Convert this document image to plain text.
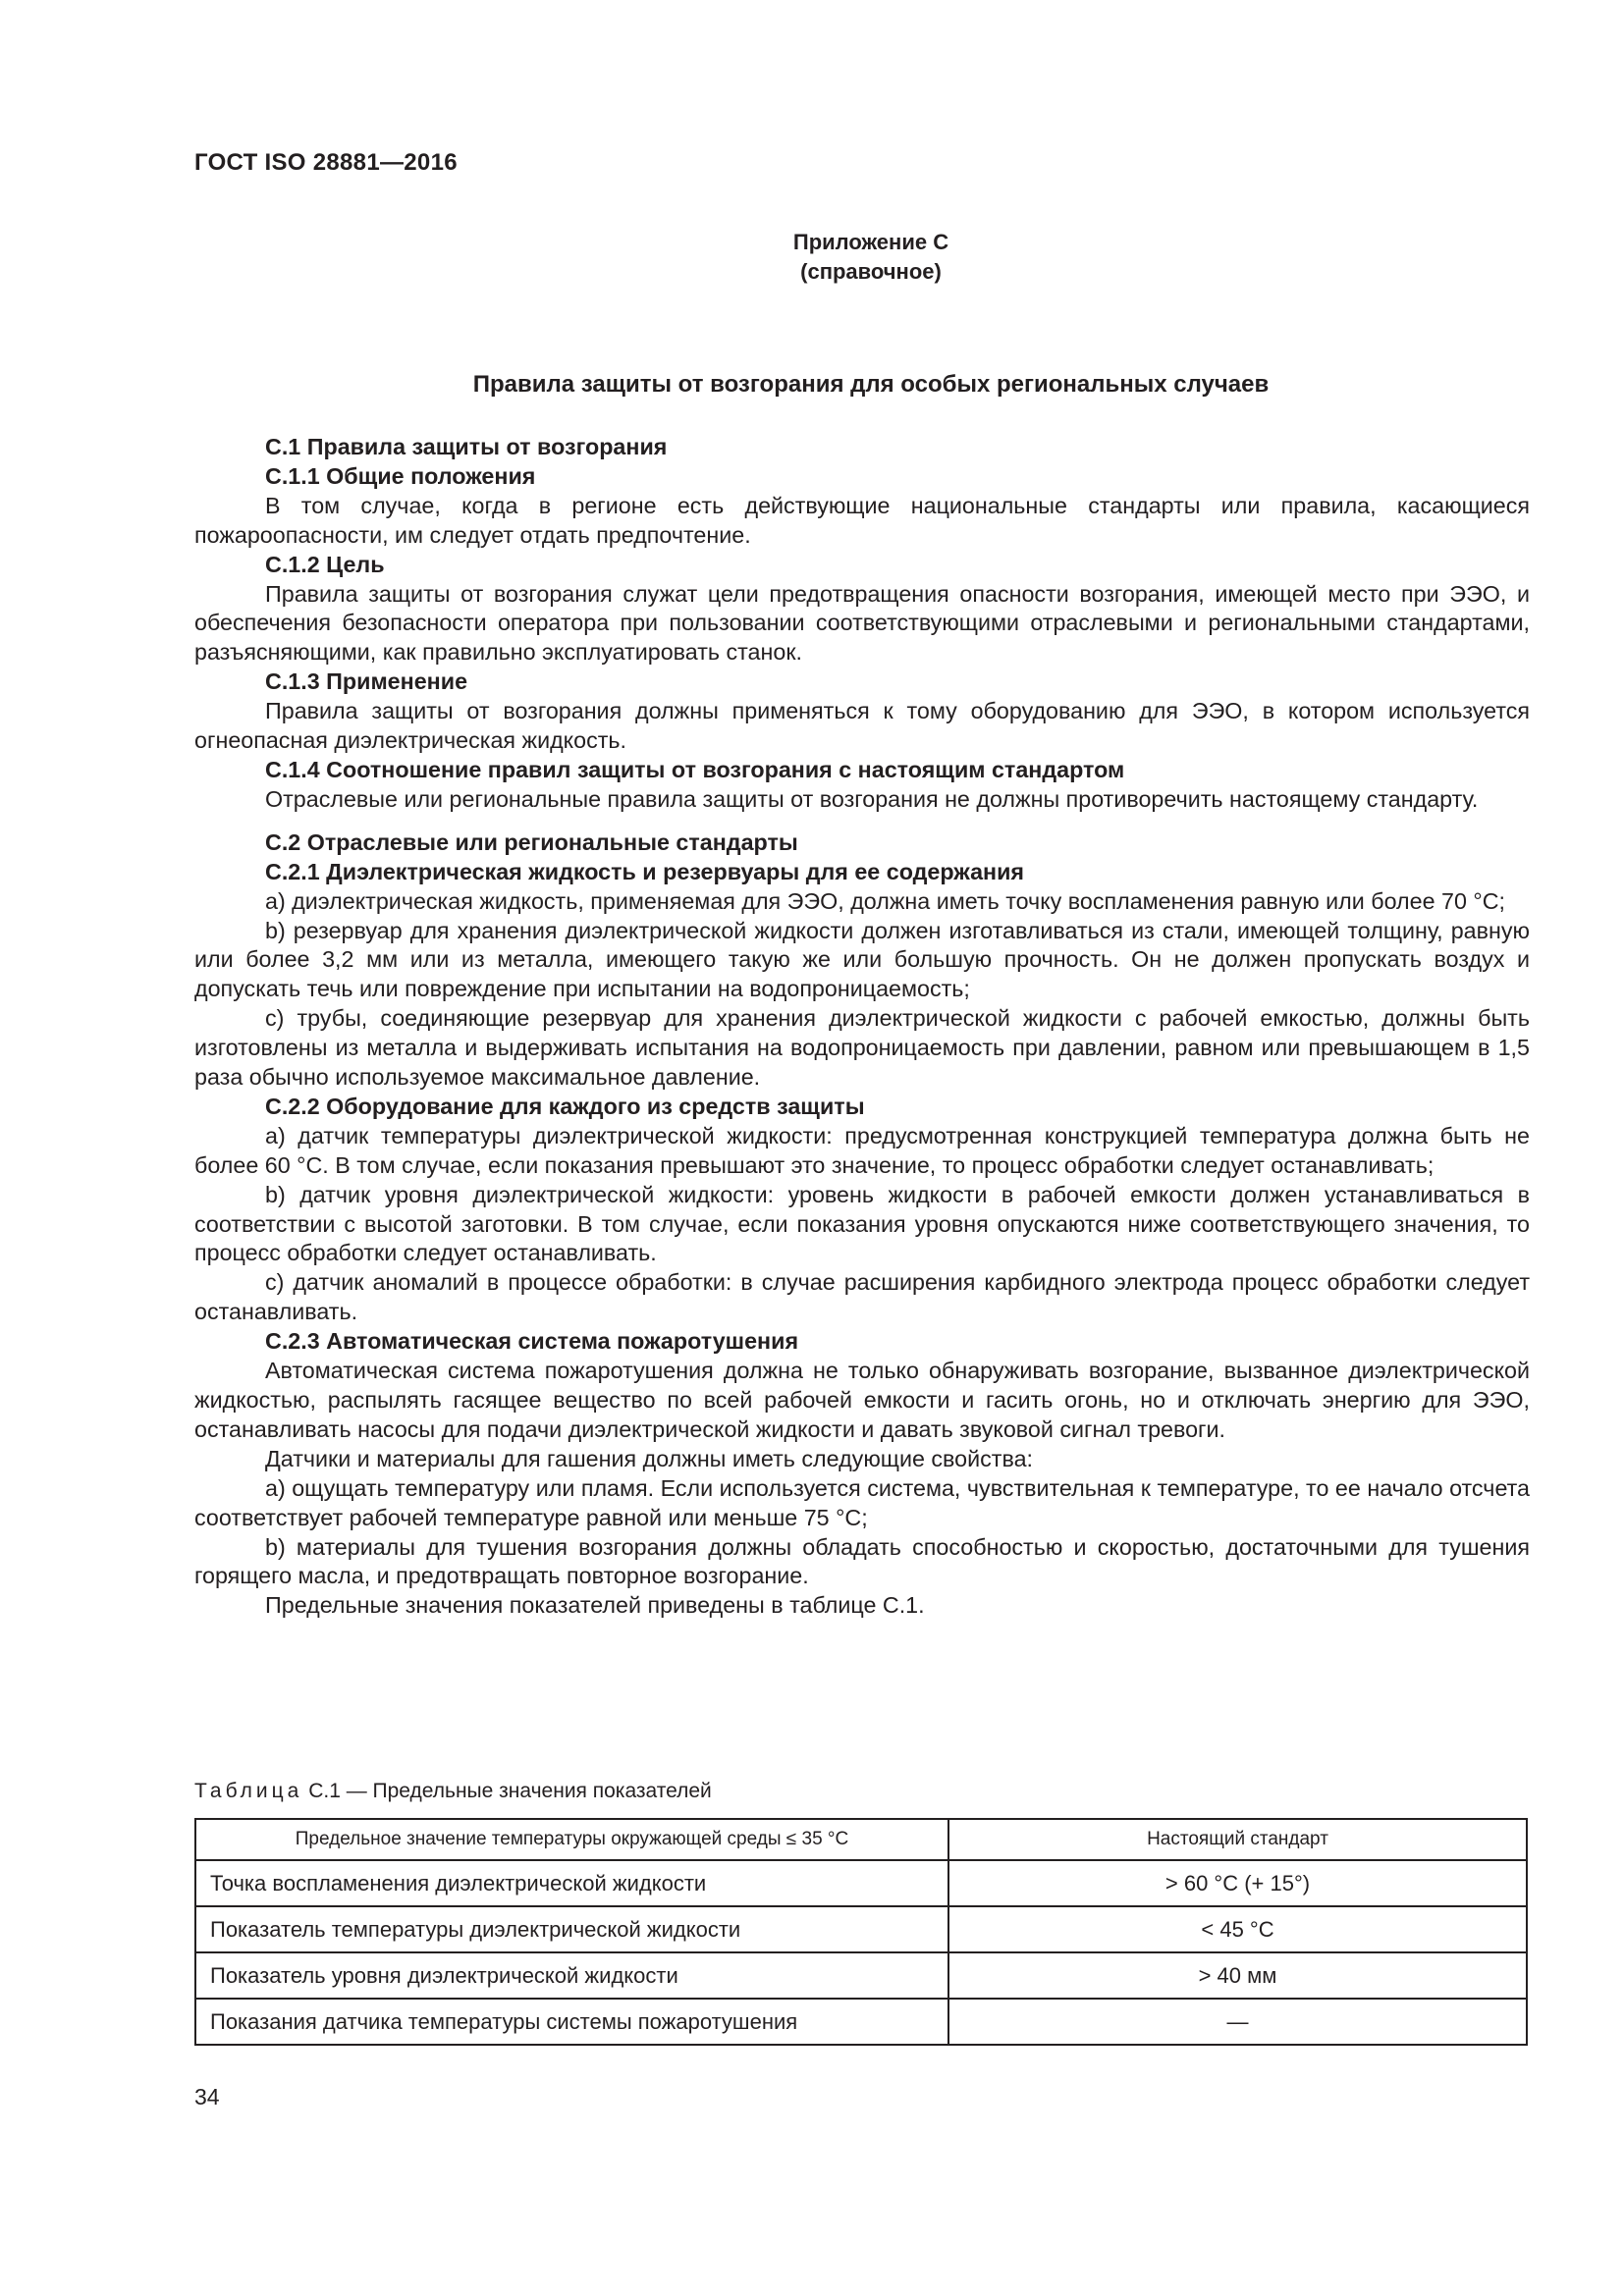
ГОСТ ISO 28881—2016
Приложение С
(справочное)
Правила защиты от возгорания для особых региональных случаев

С.1 Правила защиты от возгорания

С.1.1 Общие положения

В том случае, когда в регионе есть действующие национальные стандарты или правила, касающиеся пожароопасности, им следует отдать предпочтение.

С.1.2 Цель

Правила защиты от возгорания служат цели предотвращения опасности возгорания, имеющей место при ЭЭО, и обеспечения безопасности оператора при пользовании соответствующими отраслевыми и региональными стандартами, разъясняющими, как правильно эксплуатировать станок.

С.1.3 Применение

Правила защиты от возгорания должны применяться к тому оборудованию для ЭЭО, в котором используется огнеопасная диэлектрическая жидкость.

С.1.4 Соотношение правил защиты от возгорания с настоящим стандартом

Отраслевые или региональные правила защиты от возгорания не должны противоречить настоящему стандарту.

С.2 Отраслевые или региональные стандарты

С.2.1 Диэлектрическая жидкость и резервуары для ее содержания

a) диэлектрическая жидкость, применяемая для ЭЭО, должна иметь точку воспламенения равную или более 70 °С;

b) резервуар для хранения диэлектрической жидкости должен изготавливаться из стали, имеющей толщину, равную или более 3,2 мм или из металла, имеющего такую же или большую прочность. Он не должен пропускать воздух и допускать течь или повреждение при испытании на водопроницаемость;

c) трубы, соединяющие резервуар для хранения диэлектрической жидкости с рабочей емкостью, должны быть изготовлены из металла и выдерживать испытания на водопроницаемость при давлении, равном или превышающем в 1,5 раза обычно используемое максимальное давление.

С.2.2 Оборудование для каждого из средств защиты

a) датчик температуры диэлектрической жидкости: предусмотренная конструкцией температура должна быть не более 60 °С. В том случае, если показания превышают это значение, то процесс обработки следует останавливать;

b) датчик уровня диэлектрической жидкости: уровень жидкости в рабочей емкости должен устанавливаться в соответствии с высотой заготовки. В том случае, если показания уровня опускаются ниже соответствующего значения, то процесс обработки следует останавливать.

c) датчик аномалий в процессе обработки: в случае расширения карбидного электрода процесс обработки следует останавливать.

С.2.3 Автоматическая система пожаротушения

Автоматическая система пожаротушения должна не только обнаруживать возгорание, вызванное диэлектрической жидкостью, распылять гасящее вещество по всей рабочей емкости и гасить огонь, но и отключать энергию для ЭЭО, останавливать насосы для подачи диэлектрической жидкости и давать звуковой сигнал тревоги.

Датчики и материалы для гашения должны иметь следующие свойства:

a) ощущать температуру или пламя. Если используется система, чувствительная к температуре, то ее начало отсчета соответствует рабочей температуре равной или меньше 75 °С;

b) материалы для тушения возгорания должны обладать способностью и скоростью, достаточными для тушения горящего масла, и предотвращать повторное возгорание.

Предельные значения показателей приведены в таблице С.1.

Таблица С.1 — Предельные значения показателей
Предельное значение температуры окружающей среды ≤ 35 °С	Настоящий стандарт
Точка воспламенения диэлектрической жидкости	> 60 °С (+ 15°)
Показатель температуры диэлектрической жидкости	< 45 °С
Показатель уровня диэлектрической жидкости	> 40 мм
Показания датчика температуры системы пожаротушения	—
34
